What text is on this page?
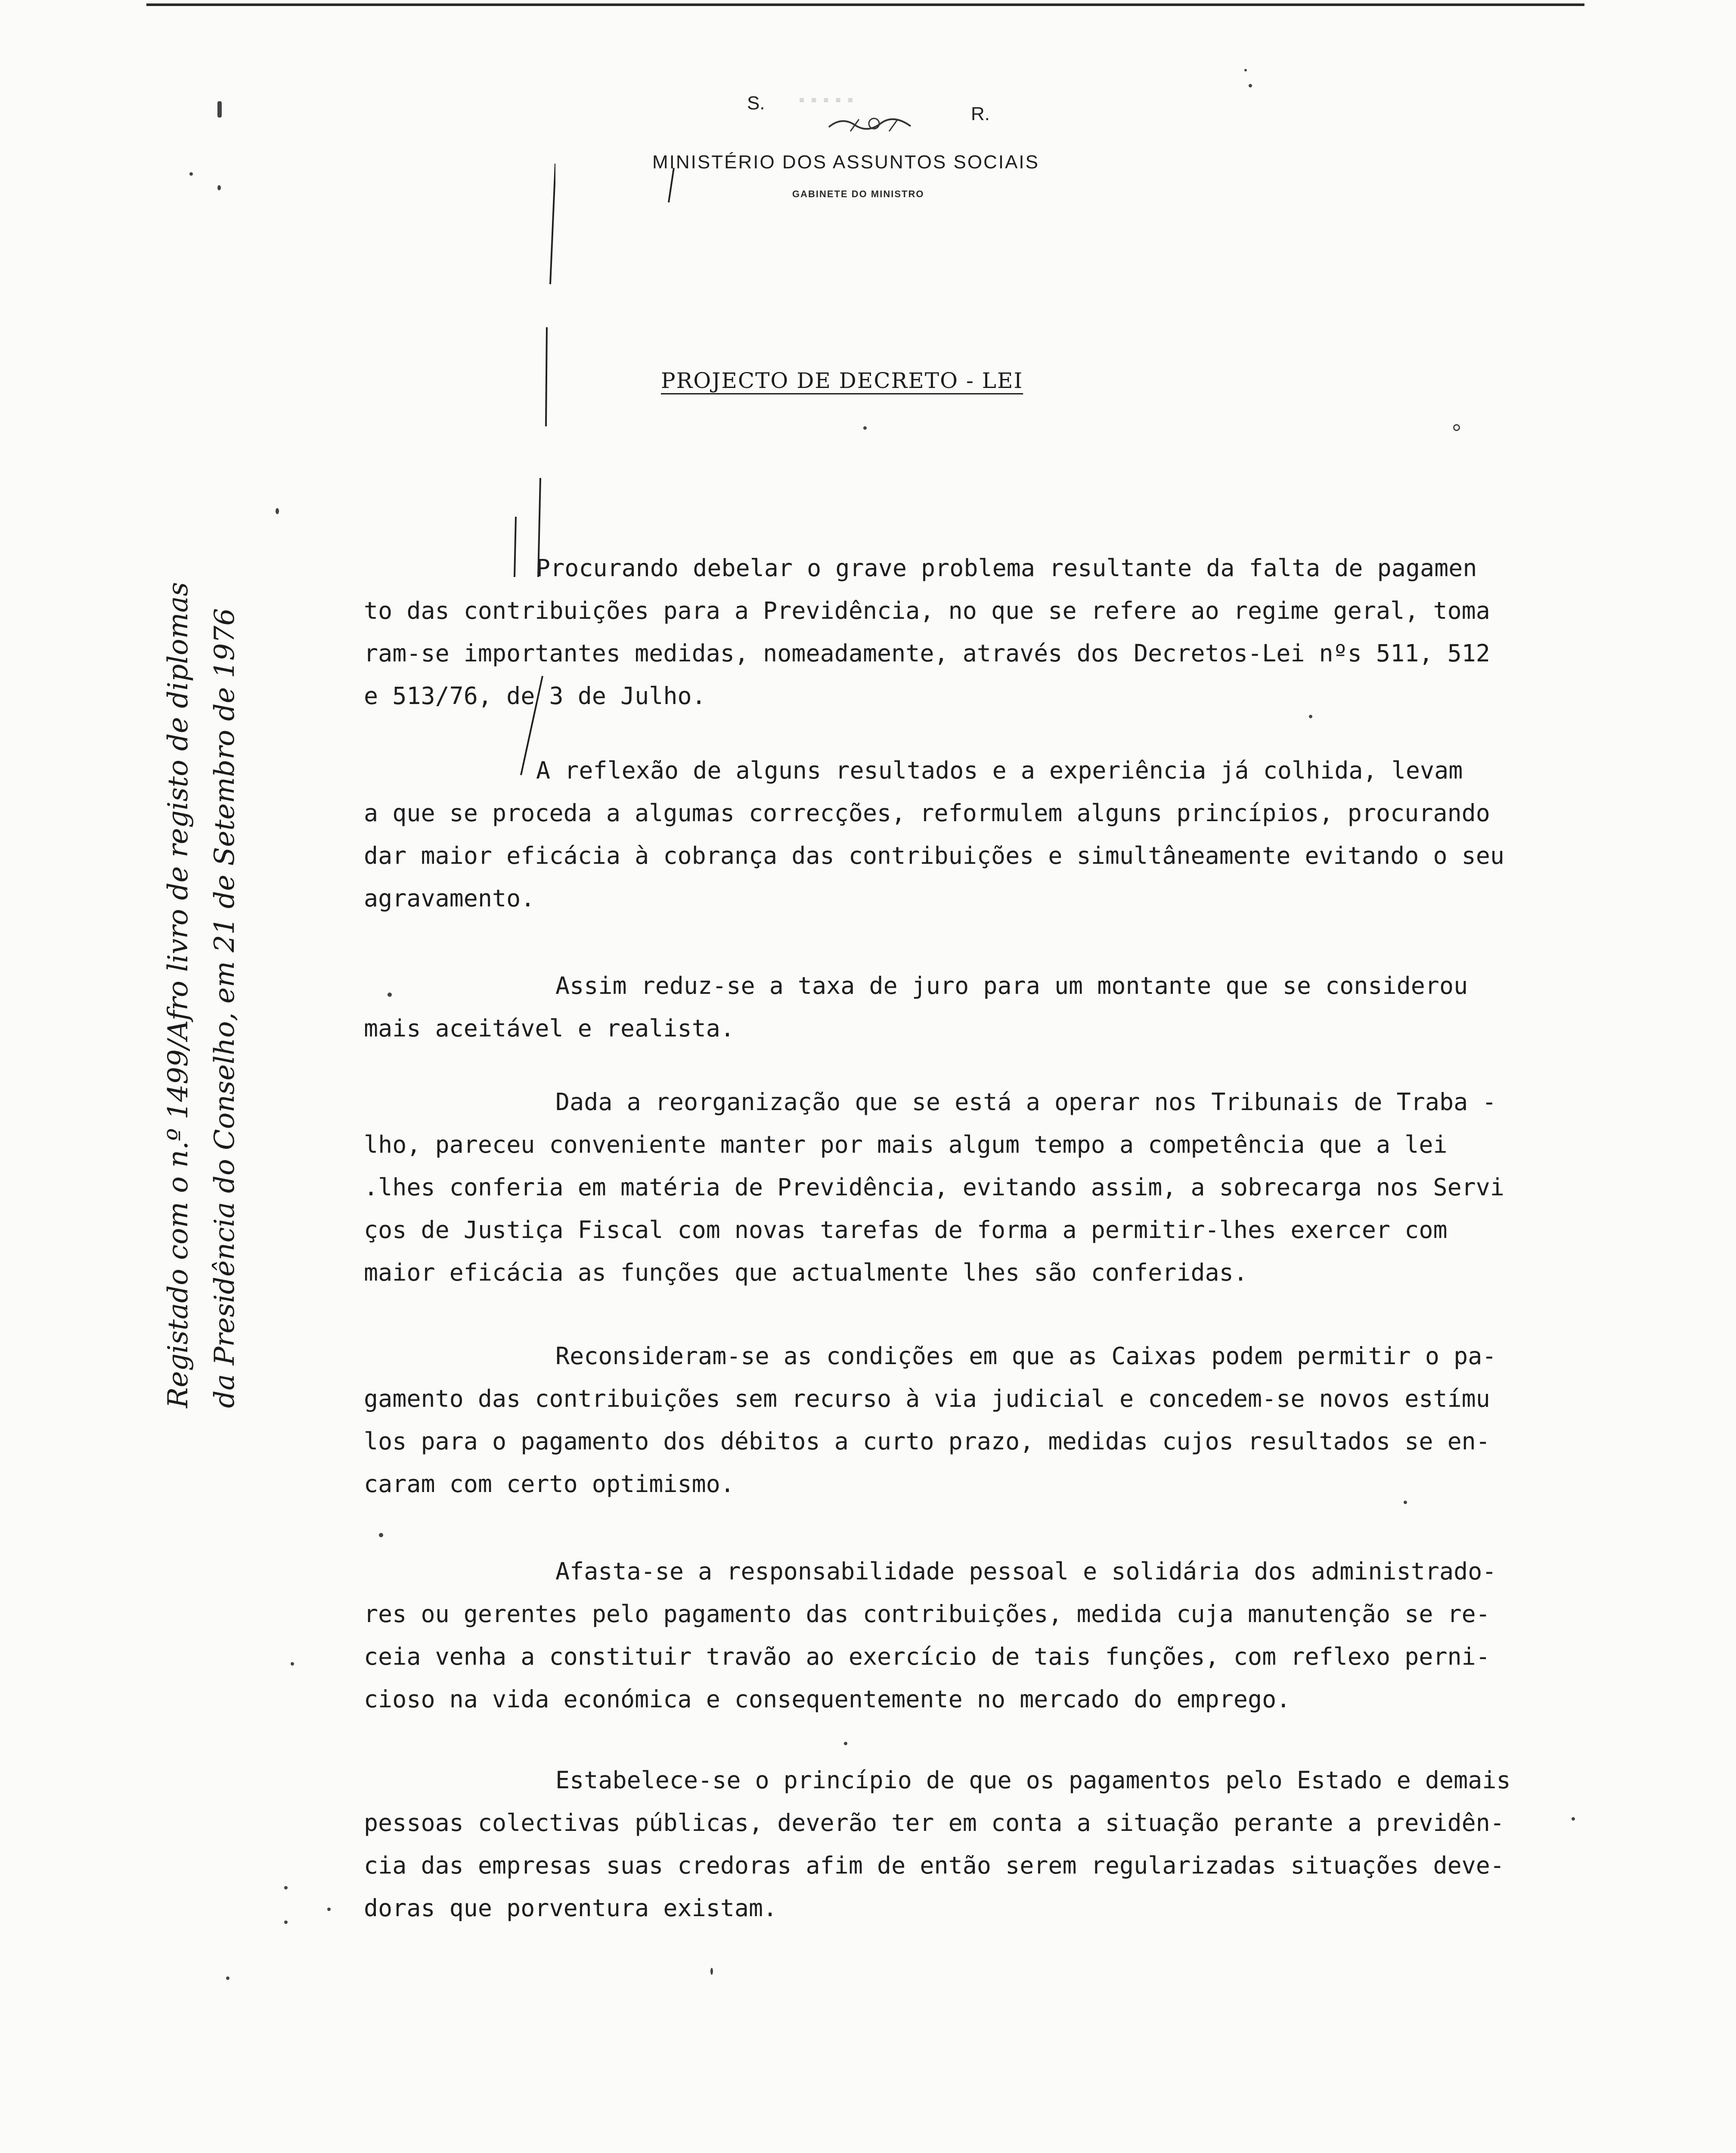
S. ▪▪▪▪▪
R.
MINISTÉRIO DOS ASSUNTOS SOCIAIS
GABINETE DO MINISTRO
PROJECTO DE DECRETO - LEI
Procurando debelar o grave problema resultante da falta de pagamen
to das contribuições para a Previdência, no que se refere ao regime geral, toma
ram-se importantes medidas, nomeadamente, através dos Decretos-Lei nºs 511, 512
e 513/76, de 3 de Julho.
A reflexão de alguns resultados e a experiência já colhida, levam
a que se proceda a algumas correcções, reformulem alguns princípios, procurando
dar maior eficácia à cobrança das contribuições e simultâneamente evitando o seu
agravamento.
Assim reduz-se a taxa de juro para um montante que se considerou
mais aceitável e realista.
Dada a reorganização que se está a operar nos Tribunais de Traba -
lho, pareceu conveniente manter por mais algum tempo a competência que a lei
.lhes conferia em matéria de Previdência, evitando assim, a sobrecarga nos Servi
ços de Justiça Fiscal com novas tarefas de forma a permitir-lhes exercer com
maior eficácia as funções que actualmente lhes são conferidas.
Reconsideram-se as condições em que as Caixas podem permitir o pa-
gamento das contribuições sem recurso à via judicial e concedem-se novos estímu
los para o pagamento dos débitos a curto prazo, medidas cujos resultados se en-
caram com certo optimismo.
Afasta-se a responsabilidade pessoal e solidária dos administrado-
res ou gerentes pelo pagamento das contribuições, medida cuja manutenção se re-
ceia venha a constituir travão ao exercício de tais funções, com reflexo perni-
cioso na vida económica e consequentemente no mercado do emprego.
Estabelece-se o princípio de que os pagamentos pelo Estado e demais
pessoas colectivas públicas, deverão ter em conta a situação perante a previdên-
cia das empresas suas credoras afim de então serem regularizadas situações deve-
doras que porventura existam.
Registado com o n.º 1499/Afro livro de registo de diplomas da Presidência do Conselho, em 21 de Setembro de 1976
